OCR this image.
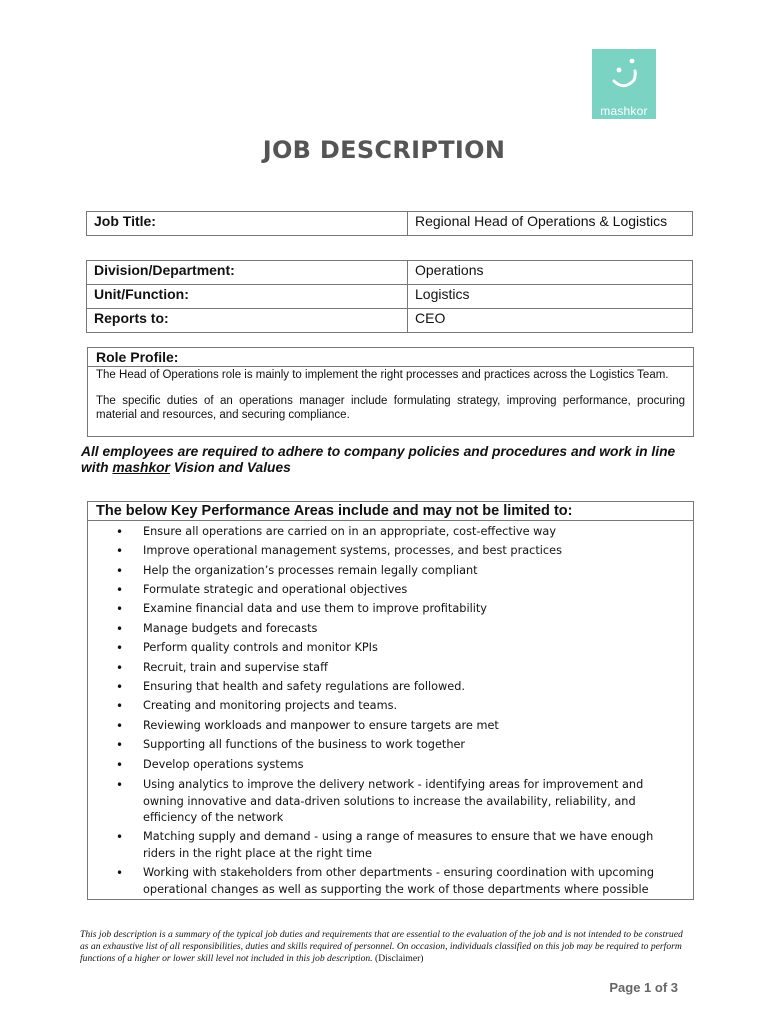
mashkor
JOB DESCRIPTION
Job Title:	Regional Head of Operations & Logistics
Division/Department:	Operations
Unit/Function:	Logistics
Reports to:	CEO
Role Profile:

The Head of Operations role is mainly to implement the right processes and practices across the Logistics Team.

The specific duties of an operations manager include formulating strategy, improving performance, procuring material and resources, and securing compliance.

All employees are required to adhere to company policies and procedures and work in line with mashkor Vision and Values
The below Key Performance Areas include and may not be limited to:
• Ensure all operations are carried on in an appropriate, cost-effective way
• Improve operational management systems, processes, and best practices
• Help the organization’s processes remain legally compliant
• Formulate strategic and operational objectives
• Examine financial data and use them to improve profitability
• Manage budgets and forecasts
• Perform quality controls and monitor KPIs
• Recruit, train and supervise staff
• Ensuring that health and safety regulations are followed.
• Creating and monitoring projects and teams.
• Reviewing workloads and manpower to ensure targets are met
• Supporting all functions of the business to work together
• Develop operations systems
• Using analytics to improve the delivery network - identifying areas for improvement and owning innovative and data-driven solutions to increase the availability, reliability, and efficiency of the network
• Matching supply and demand - using a range of measures to ensure that we have enough riders in the right place at the right time
• Working with stakeholders from other departments - ensuring coordination with upcoming operational changes as well as supporting the work of those departments where possible
This job description is a summary of the typical job duties and requirements that are essential to the evaluation of the job and is not intended to be construed as an exhaustive list of all responsibilities, duties and skills required of personnel. On occasion, individuals classified on this job may be required to perform functions of a higher or lower skill level not included in this job description. (Disclaimer)
Page 1 of 3
